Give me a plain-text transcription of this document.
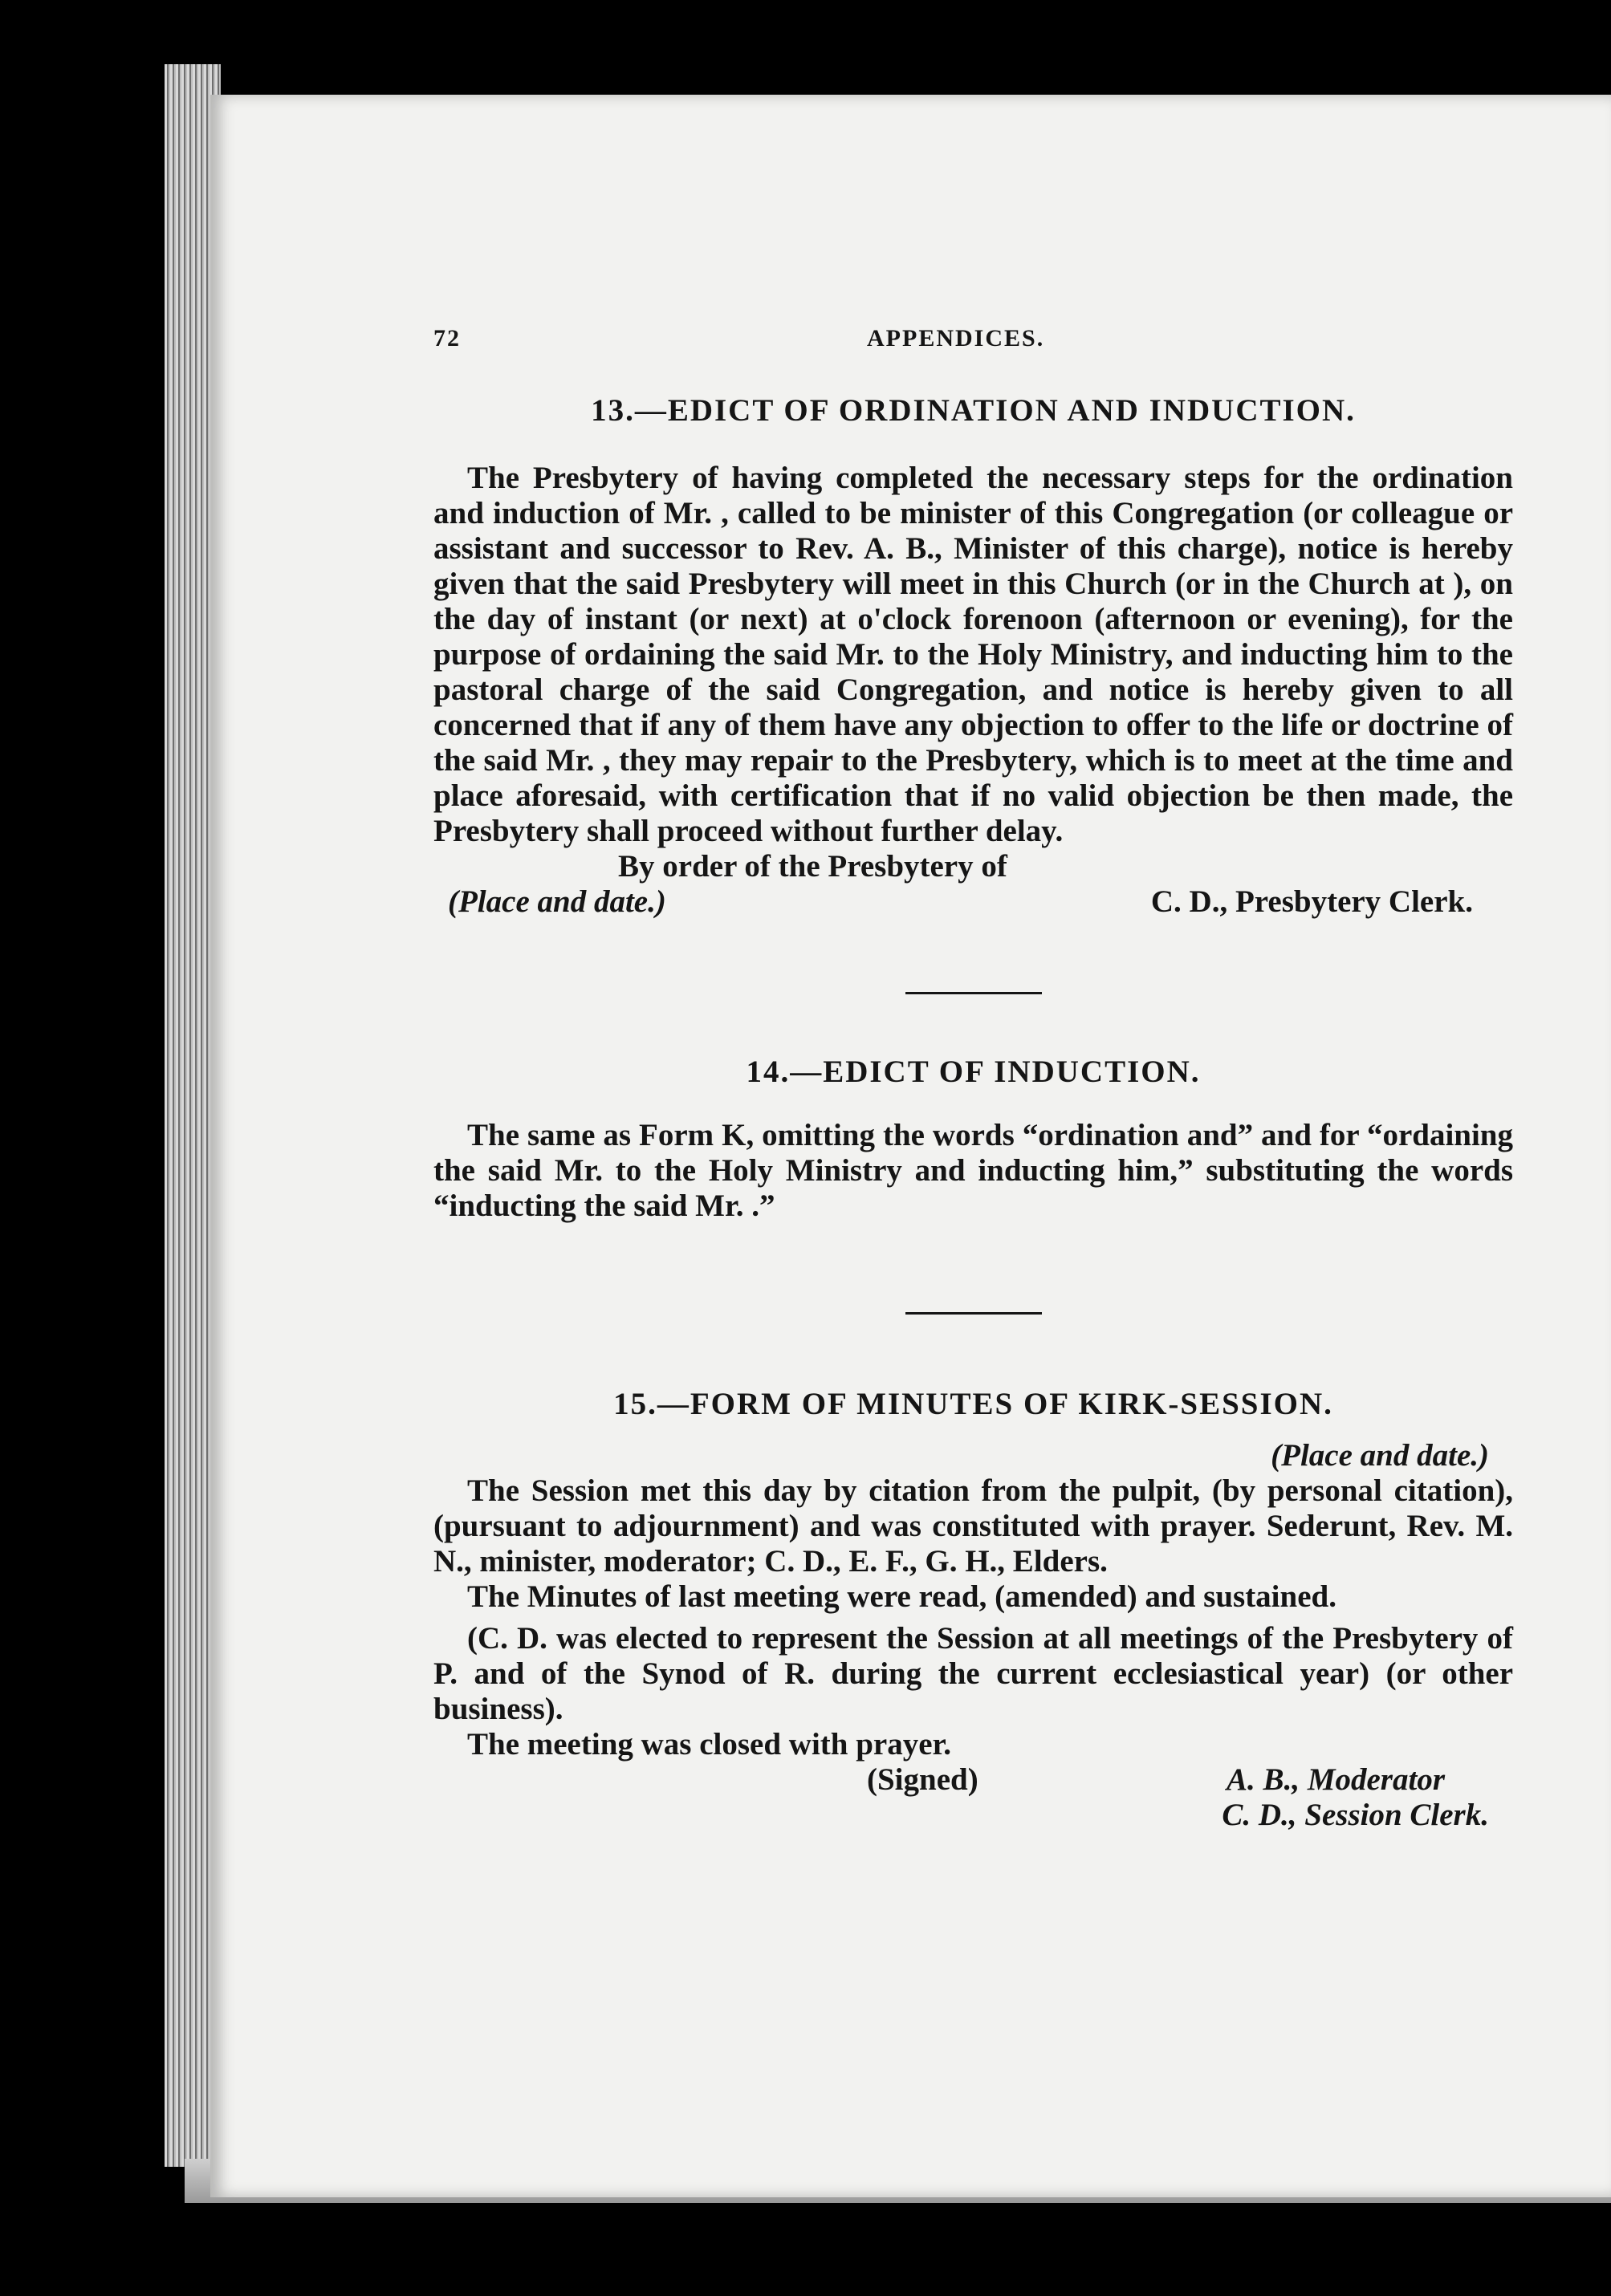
72	APPENDICES.
13.—EDICT OF ORDINATION AND INDUCTION.

The Presbytery of having completed the necessary steps for the ordination and induction of Mr. , called to be minister of this Congregation (or colleague or assistant and successor to Rev. A. B., Minister of this charge), notice is hereby given that the said Presbytery will meet in this Church (or in the Church at ), on the day of instant (or next) at o'clock forenoon (afternoon or evening), for the purpose of ordaining the said Mr. to the Holy Ministry, and inducting him to the pastoral charge of the said Congregation, and notice is hereby given to all concerned that if any of them have any objection to offer to the life or doctrine of the said Mr. , they may repair to the Presbytery, which is to meet at the time and place aforesaid, with certification that if no valid objection be then made, the Presbytery shall proceed without further delay.

By order of the Presbytery of

(Place and date.)	C. D., Presbytery Clerk.
14.—EDICT OF INDUCTION.

The same as Form K, omitting the words “ordination and” and for “ordaining the said Mr. to the Holy Ministry and inducting him,” substituting the words “inducting the said Mr. .”

15.—FORM OF MINUTES OF KIRK-SESSION.

(Place and date.)

The Session met this day by citation from the pulpit, (by personal citation), (pursuant to adjournment) and was constituted with prayer. Sederunt, Rev. M. N., minister, moderator; C. D., E. F., G. H., Elders.

The Minutes of last meeting were read, (amended) and sustained.

(C. D. was elected to represent the Session at all meetings of the Presbytery of P. and of the Synod of R. during the current ecclesiastical year) (or other business).

The meeting was closed with prayer.

(Signed)	A. B., Moderator

C. D., Session Clerk.
